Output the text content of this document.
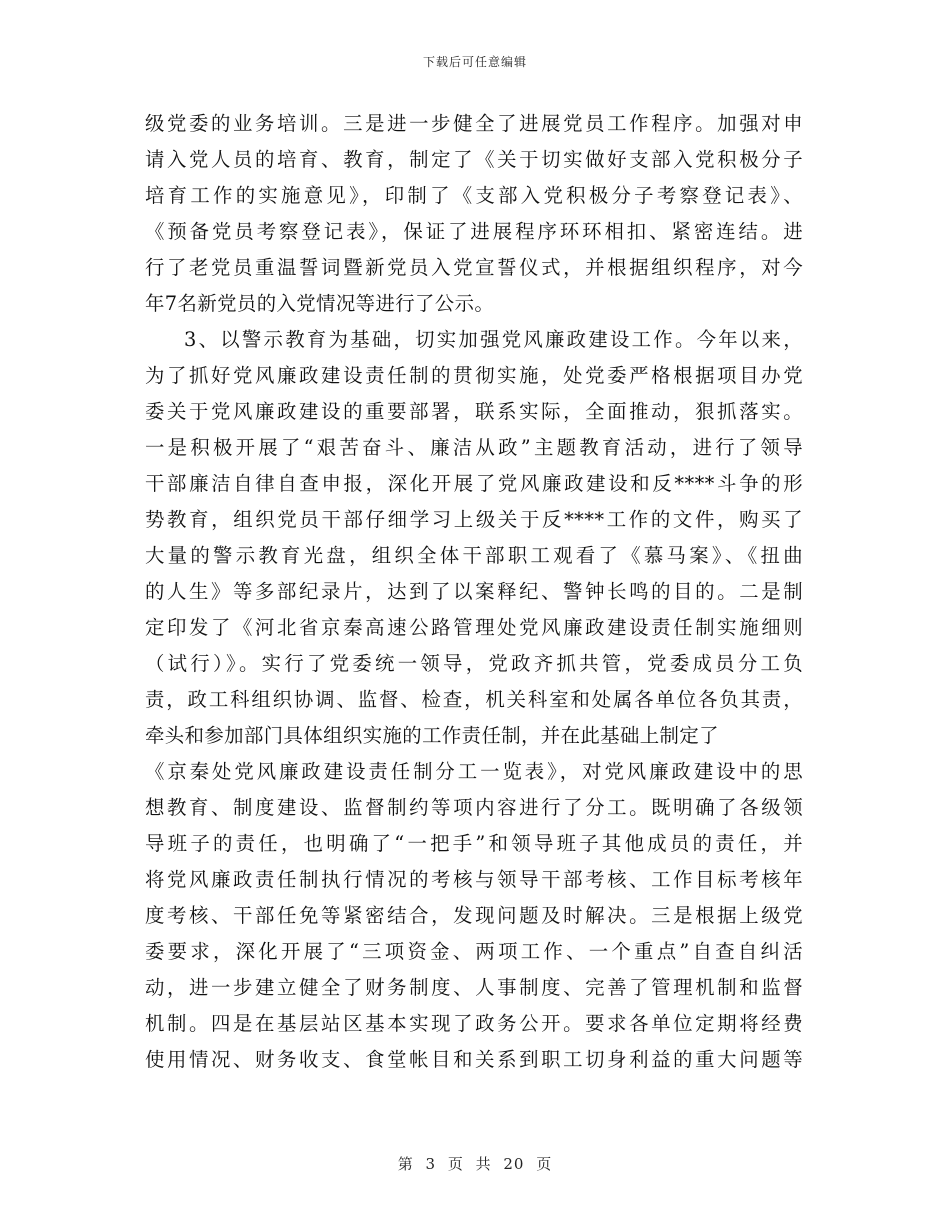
下载后可任意编辑
级党委的业务培训。三是进一步健全了进展党员工作程序。加强对申
请入党人员的培育、教育，制定了《关于切实做好支部入党积极分子
培育工作的实施意见》，印制了《支部入党积极分子考察登记表》、
《预备党员考察登记表》，保证了进展程序环环相扣、紧密连结。进
行了老党员重温誓词暨新党员入党宣誓仪式，并根据组织程序，对今
年7名新党员的入党情况等进行了公示。
3、以警示教育为基础，切实加强党风廉政建设工作。今年以来，
为了抓好党风廉政建设责任制的贯彻实施，处党委严格根据项目办党
委关于党风廉政建设的重要部署，联系实际，全面推动，狠抓落实。
一是积极开展了“艰苦奋斗、廉洁从政”主题教育活动，进行了领导
干部廉洁自律自查申报，深化开展了党风廉政建设和反****斗争的形
势教育，组织党员干部仔细学习上级关于反****工作的文件，购买了
大量的警示教育光盘，组织全体干部职工观看了《慕马案》、《扭曲
的人生》等多部纪录片，达到了以案释纪、警钟长鸣的目的。二是制
定印发了《河北省京秦高速公路管理处党风廉政建设责任制实施细则
（试行）》。实行了党委统一领导，党政齐抓共管，党委成员分工负
责，政工科组织协调、监督、检查，机关科室和处属各单位各负其责，
牵头和参加部门具体组织实施的工作责任制，并在此基础上制定了
《京秦处党风廉政建设责任制分工一览表》，对党风廉政建设中的思
想教育、制度建设、监督制约等项内容进行了分工。既明确了各级领
导班子的责任，也明确了“一把手”和领导班子其他成员的责任，并
将党风廉政责任制执行情况的考核与领导干部考核、工作目标考核年
度考核、干部任免等紧密结合，发现问题及时解决。三是根据上级党
委要求，深化开展了“三项资金、两项工作、一个重点”自查自纠活
动，进一步建立健全了财务制度、人事制度、完善了管理机制和监督
机制。四是在基层站区基本实现了政务公开。要求各单位定期将经费
使用情况、财务收支、食堂帐目和关系到职工切身利益的重大问题等
第 3 页 共 20 页
